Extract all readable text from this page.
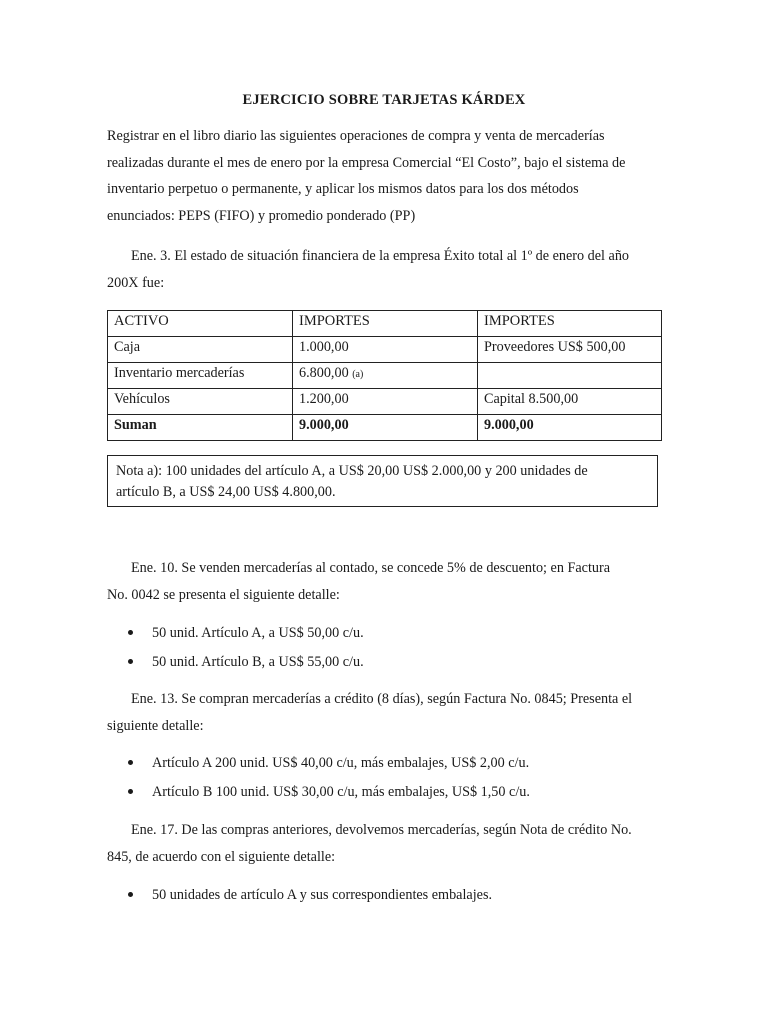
EJERCICIO SOBRE TARJETAS KÁRDEX
Registrar en el libro diario las siguientes operaciones de compra y venta de mercaderías
realizadas durante el mes de enero por la empresa Comercial “El Costo”, bajo el sistema de
inventario perpetuo o permanente, y aplicar los mismos datos para los dos métodos
enunciados: PEPS (FIFO) y promedio ponderado (PP)
Ene. 3. El estado de situación financiera de la empresa Éxito total al 1º de enero del año
200X fue:
ACTIVO	IMPORTES	IMPORTES
Caja	1.000,00	Proveedores US$ 500,00
Inventario mercaderías	6.800,00 (a)	
Vehículos	1.200,00	Capital 8.500,00
Suman	9.000,00	9.000,00
Nota a): 100 unidades del artículo A, a US$ 20,00 US$ 2.000,00 y 200 unidades de
artículo B, a US$ 24,00 US$ 4.800,00.
Ene. 10. Se venden mercaderías al contado, se concede 5% de descuento; en Factura
No. 0042 se presenta el siguiente detalle:
50 unid. Artículo A, a US$ 50,00 c/u.
50 unid. Artículo B, a US$ 55,00 c/u.
Ene. 13. Se compran mercaderías a crédito (8 días), según Factura No. 0845; Presenta el
siguiente detalle:
Artículo A 200 unid. US$ 40,00 c/u, más embalajes, US$ 2,00 c/u.
Artículo B 100 unid. US$ 30,00 c/u, más embalajes, US$ 1,50 c/u.
Ene. 17. De las compras anteriores, devolvemos mercaderías, según Nota de crédito No.
845, de acuerdo con el siguiente detalle:
50 unidades de artículo A y sus correspondientes embalajes.
